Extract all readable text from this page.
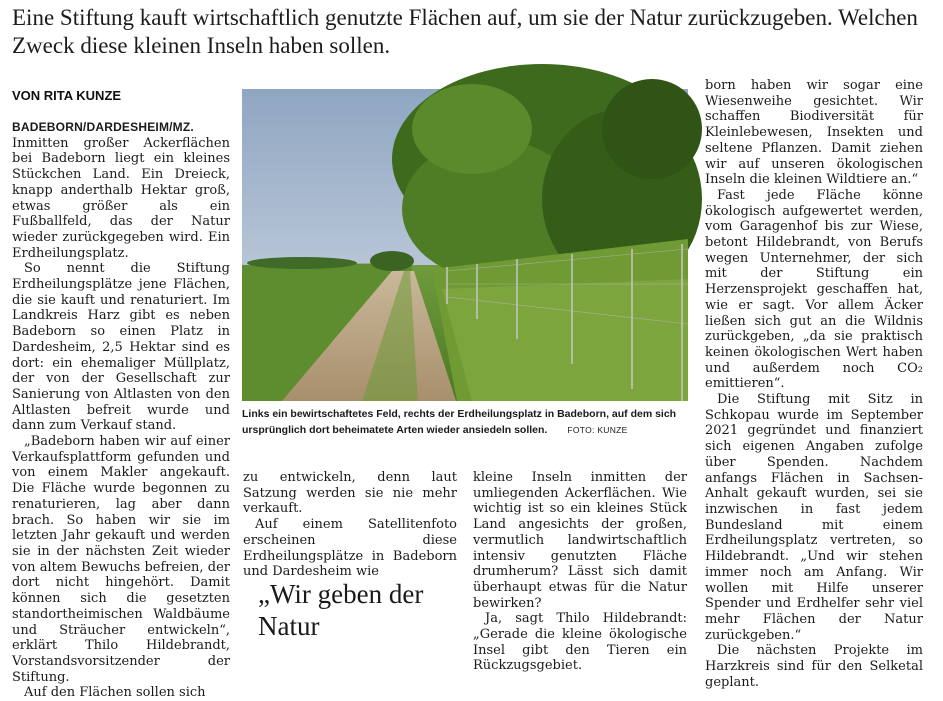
Eine Stiftung kauft wirtschaftlich genutzte Flächen auf, um sie der Natur zurückzugeben. Welchen Zweck diese kleinen Inseln haben sollen.
VON RITA KUNZE

BADEBORN/DARDESHEIM/MZ. Inmitten großer Ackerflächen bei Badeborn liegt ein kleines Stückchen Land. Ein Dreieck, knapp anderthalb Hektar groß, etwas größer als ein Fußballfeld, das der Natur wieder zurückgegeben wird. Ein Erdheilungsplatz.

So nennt die Stiftung Erdheilungsplätze jene Flächen, die sie kauft und renaturiert. Im Landkreis Harz gibt es neben Badeborn so einen Platz in Dardesheim, 2,5 Hektar sind es dort: ein ehemaliger Müllplatz, der von der Gesellschaft zur Sanierung von Altlasten von den Altlasten befreit wurde und dann zum Verkauf stand.

„Badeborn haben wir auf einer Verkaufsplattform gefunden und von einem Makler angekauft. Die Fläche wurde begonnen zu renaturieren, lag aber dann brach. So haben wir sie im letzten Jahr gekauft und werden sie in der nächsten Zeit wieder von altem Bewuchs befreien, der dort nicht hingehört. Damit können sich die gesetzten standortheimischen Waldbäume und Sträucher entwickeln“, erklärt Thilo Hildebrandt, Vorstandsvorsitzender der Stiftung.

Auf den Flächen sollen sich

Links ein bewirtschaftetes Feld, rechts der Erdheilungsplatz in Badeborn, auf dem sich ursprünglich dort beheimatete Arten wieder ansiedeln sollen. FOTO: KUNZE

zu entwickeln, denn laut Satzung werden sie nie mehr verkauft.

Auf einem Satellitenfoto erscheinen diese Erdheilungsplätze in Badeborn und Dardesheim wie

„Wir geben der Natur

kleine Inseln inmitten der umliegenden Ackerflächen. Wie wichtig ist so ein kleines Stück Land angesichts der großen, vermutlich landwirtschaftlich intensiv genutzten Fläche drumherum? Lässt sich damit überhaupt etwas für die Natur bewirken?

Ja, sagt Thilo Hildebrandt: „Gerade die kleine ökologische Insel gibt den Tieren ein Rückzugsgebiet.

born haben wir sogar eine Wiesenweihe gesichtet. Wir schaffen Biodiversität für Kleinlebewesen, Insekten und seltene Pflanzen. Damit ziehen wir auf unseren ökologischen Inseln die kleinen Wildtiere an.“

Fast jede Fläche könne ökologisch aufgewertet werden, vom Garagenhof bis zur Wiese, betont Hildebrandt, von Berufs wegen Unternehmer, der sich mit der Stiftung ein Herzensprojekt geschaffen hat, wie er sagt. Vor allem Äcker ließen sich gut an die Wildnis zurückgeben, „da sie praktisch keinen ökologischen Wert haben und außerdem noch CO₂ emittieren“.

Die Stiftung mit Sitz in Schkopau wurde im September 2021 gegründet und finanziert sich eigenen Angaben zufolge über Spenden. Nachdem anfangs Flächen in Sachsen-Anhalt gekauft wurden, sei sie inzwischen in fast jedem Bundesland mit einem Erdheilungsplatz vertreten, so Hildebrandt. „Und wir stehen immer noch am Anfang. Wir wollen mit Hilfe unserer Spender und Erdhelfer sehr viel mehr Flächen der Natur zurückgeben.“

Die nächsten Projekte im Harzkreis sind für den Selketal geplant.
